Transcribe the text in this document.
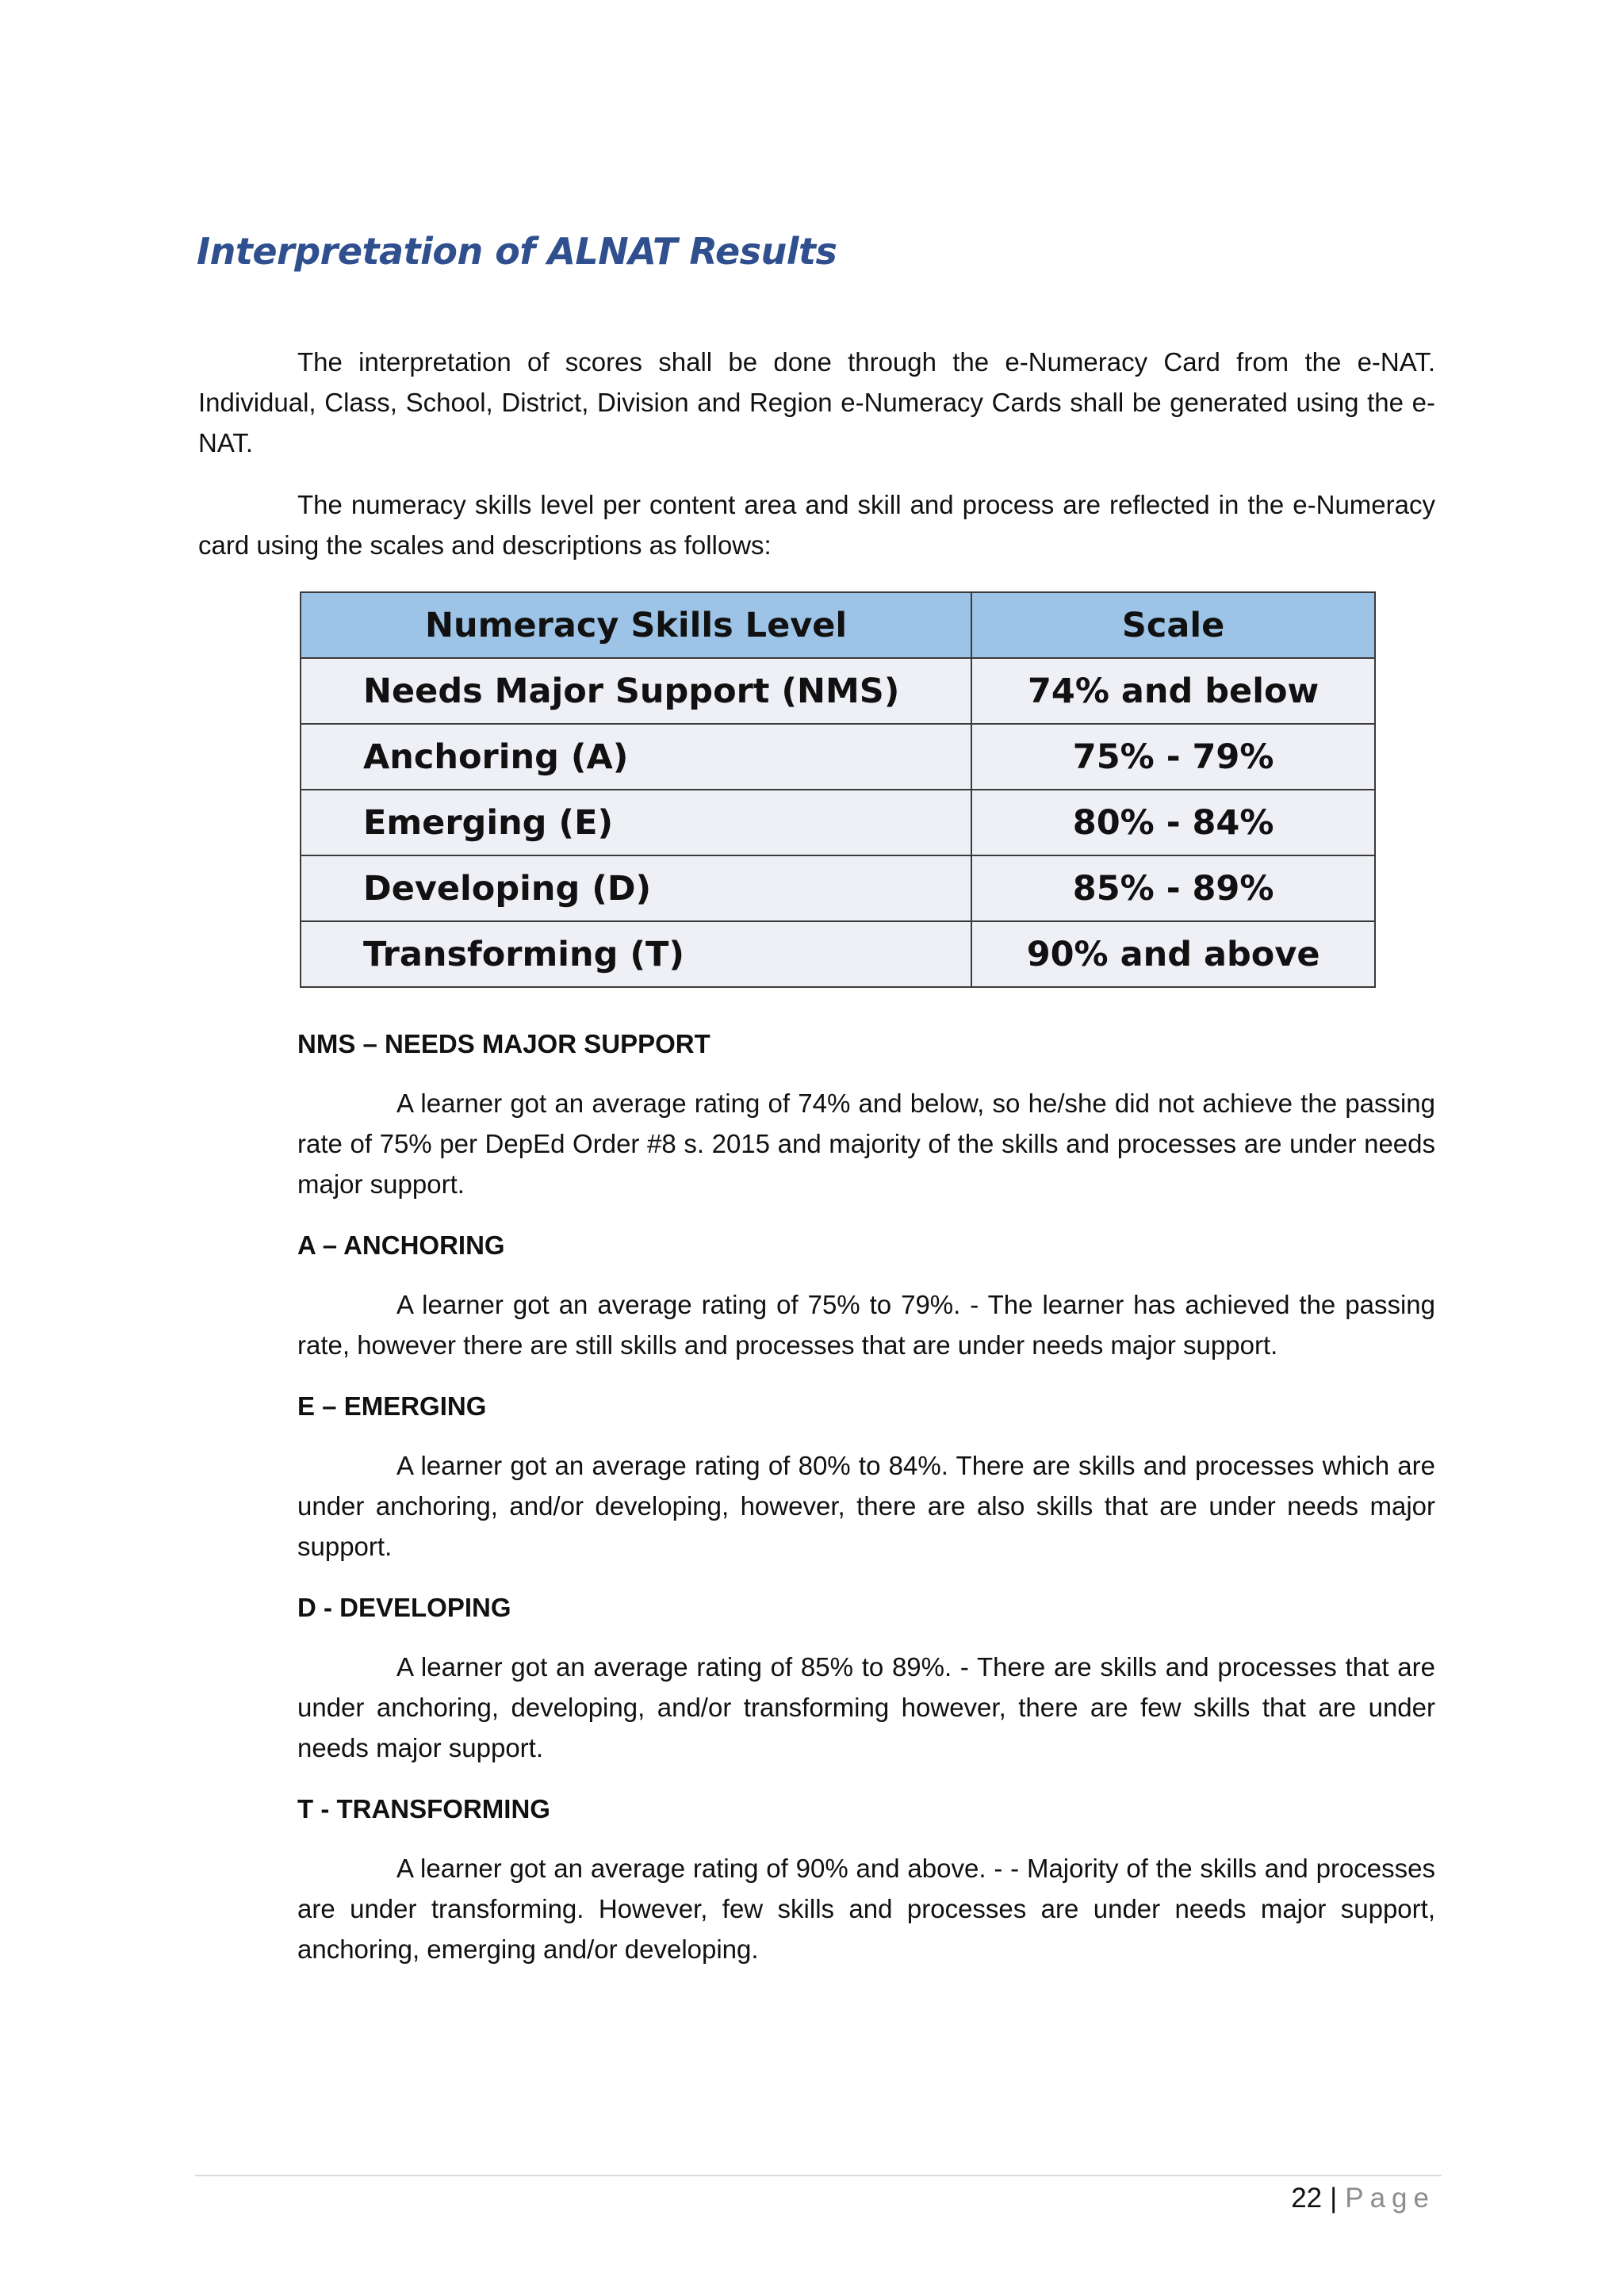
Interpretation of ALNAT Results

The interpretation of scores shall be done through the e-Numeracy Card from the e-NAT. Individual, Class, School, District, Division and Region e-Numeracy Cards shall be generated using the e-NAT.

The numeracy skills level per content area and skill and process are reflected in the e-Numeracy card using the scales and descriptions as follows:

Numeracy Skills Level	Scale
Needs Major Support (NMS)	74% and below
Anchoring (A)	75% - 79%
Emerging (E)	80% - 84%
Developing (D)	85% - 89%
Transforming (T)	90% and above

NMS – NEEDS MAJOR SUPPORT

A learner got an average rating of 74% and below, so he/she did not achieve the passing rate of 75% per DepEd Order #8 s. 2015 and majority of the skills and processes are under needs major support.

A – ANCHORING

A learner got an average rating of 75% to 79%. - The learner has achieved the passing rate, however there are still skills and processes that are under needs major support.

E – EMERGING

A learner got an average rating of 80% to 84%. There are skills and processes which are under anchoring, and/or developing, however, there are also skills that are under needs major support.

D - DEVELOPING

A learner got an average rating of 85% to 89%. - There are skills and processes that are under anchoring, developing, and/or transforming however, there are few skills that are under needs major support.

T - TRANSFORMING

A learner got an average rating of 90% and above. - - Majority of the skills and processes are under transforming. However, few skills and processes are under needs major support, anchoring, emerging and/or developing.

22 | Page
